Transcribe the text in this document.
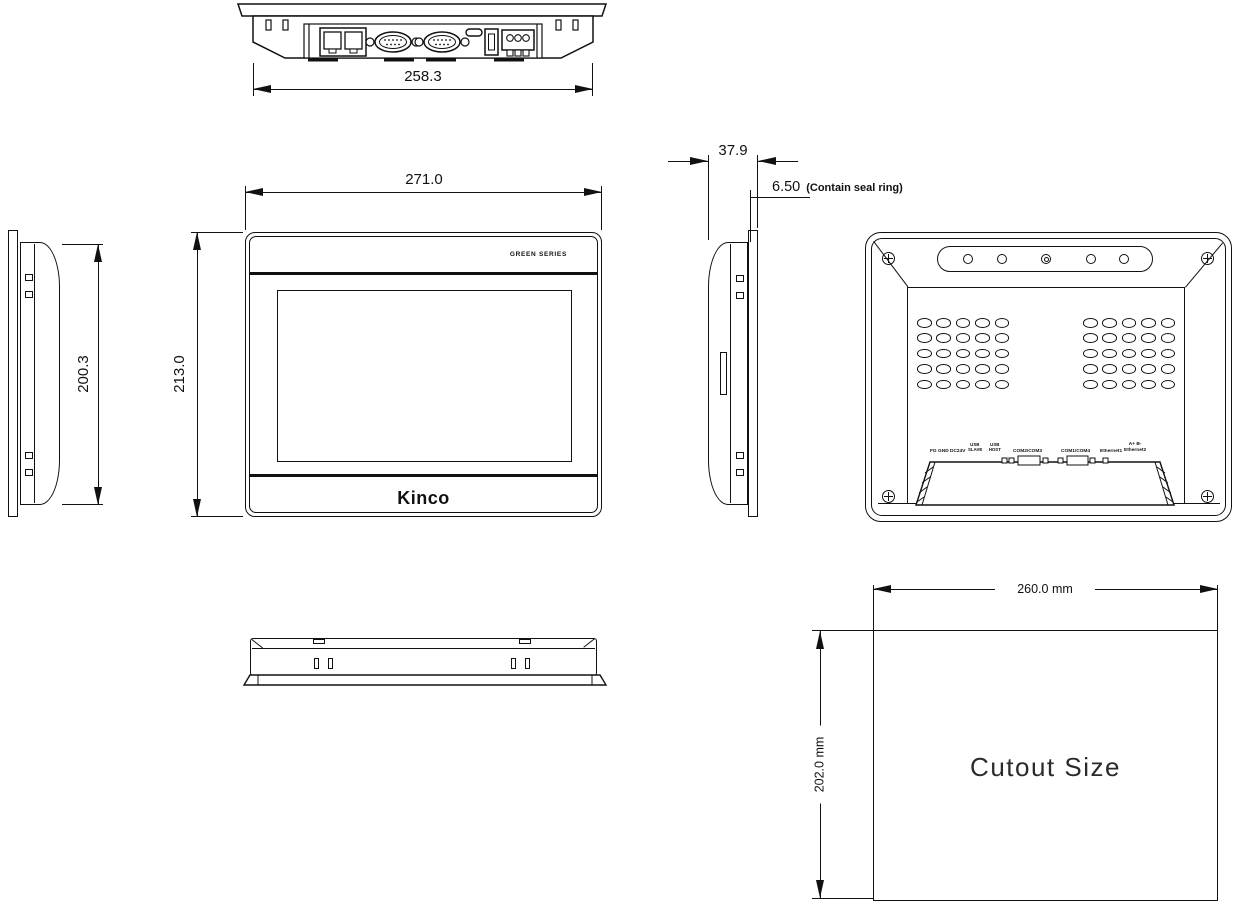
258.3
GREEN SERIES
Kinco
271.0
213.0
200.3
37.9
6.50 (Contain seal ring)
FG GND DC24V
USB SLAVE
USB HOST COM2/COM3	COM1/COM4 Ethernet1
A+ B-
Ethernet2
Cutout Size
260.0 mm
202.0 mm
